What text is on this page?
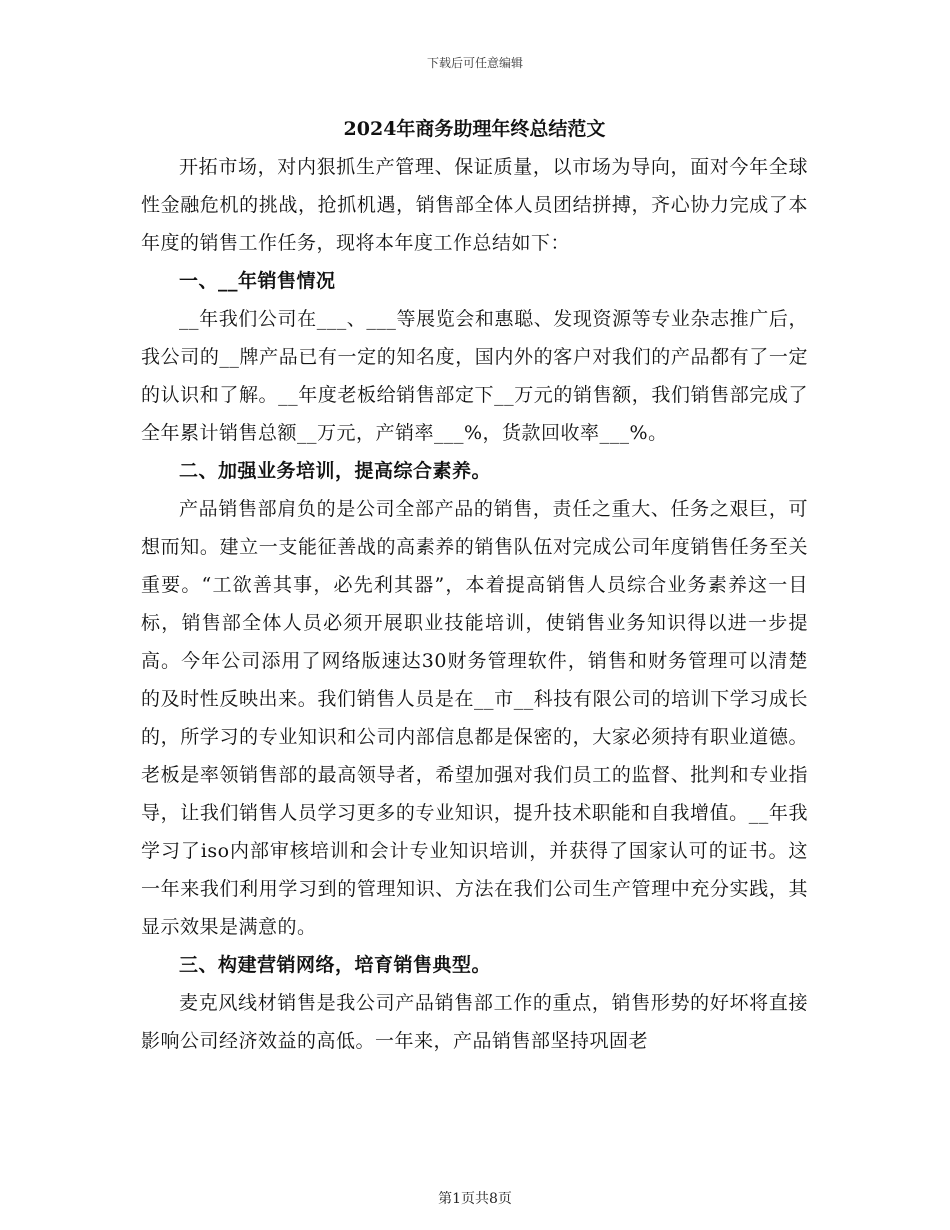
下载后可任意编辑
2024年商务助理年终总结范文

开拓市场，对内狠抓生产管理、保证质量，以市场为导向，面对今年全球性金融危机的挑战，抢抓机遇，销售部全体人员团结拼搏，齐心协力完成了本年度的销售工作任务，现将本年度工作总结如下：

一、__年销售情况

__年我们公司在___、___等展览会和惠聪、发现资源等专业杂志推广后，我公司的__牌产品已有一定的知名度，国内外的客户对我们的产品都有了一定的认识和了解。__年度老板给销售部定下__万元的销售额，我们销售部完成了全年累计销售总额__万元，产销率___%，货款回收率___%。

二、加强业务培训，提高综合素养。

产品销售部肩负的是公司全部产品的销售，责任之重大、任务之艰巨，可想而知。建立一支能征善战的高素养的销售队伍对完成公司年度销售任务至关重要。“工欲善其事，必先利其器”，本着提高销售人员综合业务素养这一目标，销售部全体人员必须开展职业技能培训，使销售业务知识得以进一步提高。今年公司添用了网络版速达30财务管理软件，销售和财务管理可以清楚的及时性反映出来。我们销售人员是在__市__科技有限公司的培训下学习成长的，所学习的专业知识和公司内部信息都是保密的，大家必须持有职业道德。老板是率领销售部的最高领导者，希望加强对我们员工的监督、批判和专业指导，让我们销售人员学习更多的专业知识，提升技术职能和自我增值。__年我学习了iso内部审核培训和会计专业知识培训，并获得了国家认可的证书。这一年来我们利用学习到的管理知识、方法在我们公司生产管理中充分实践，其显示效果是满意的。

三、构建营销网络，培育销售典型。

麦克风线材销售是我公司产品销售部工作的重点，销售形势的好坏将直接影响公司经济效益的高低。一年来，产品销售部坚持巩固老

第1页共8页
